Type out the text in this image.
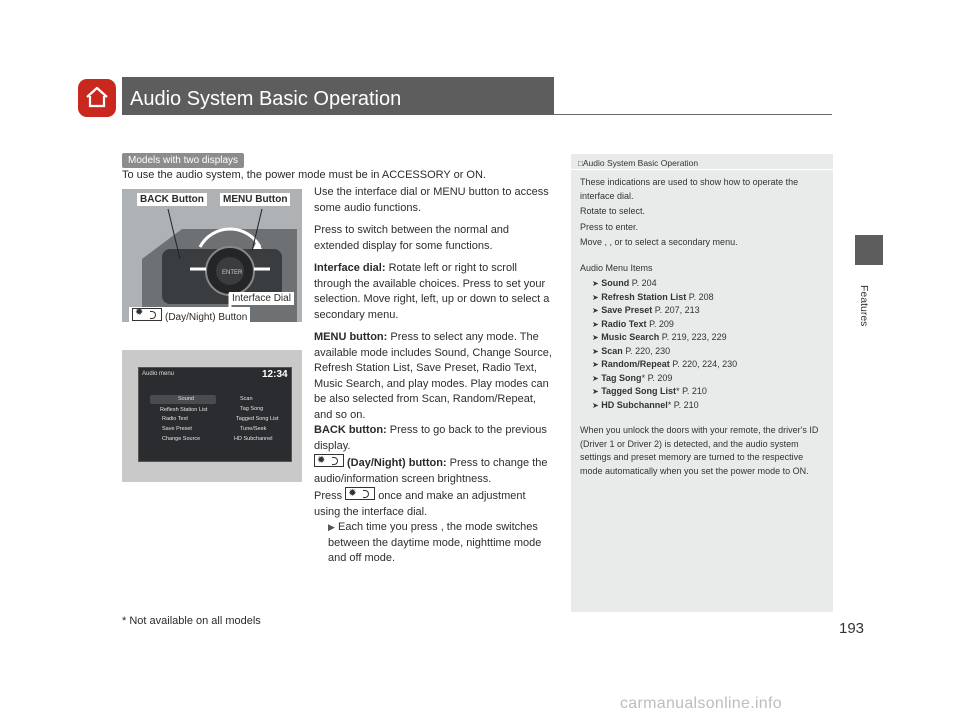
Audio System Basic Operation
Features
Models with two displays
To use the audio system, the power mode must be in ACCESSORY or ON.
ENTER
BACK Button	MENU Button
Interface Dial
✹(Day/Night) Button
Audio menu	12:34
Sound
Reflesh Station List
Radio Text
Save Preset
Change Source
Scan
Tag Song
Tagged Song List
Tune/Seek
HD Subchannel

Use the interface dial or MENU button to access some audio functions.

Press to switch between the normal and extended display for some functions.

Interface dial: Rotate left or right to scroll through the available choices. Press to set your selection. Move right, left, up or down to select a secondary menu.

MENU button: Press to select any mode. The available mode includes Sound, Change Source, Refresh Station List, Save Preset, Radio Text, Music Search, and play modes. Play modes can be also selected from Scan, Random/Repeat, and so on.

BACK button: Press to go back to the previous display.

✹(Day/Night) button: Press to change the audio/information screen brightness.

Press ✹	once and make an adjustment using the interface dial.

▶ Each time you press , the mode switches between the daytime mode, nighttime mode and off mode.

□Audio System Basic Operation

These indications are used to show how to operate the interface dial.

Rotate to select.

Press to enter.

Move , , or to select a secondary menu.

Audio Menu Items

➤ Sound P. 204

➤ Refresh Station List P. 208

➤ Save Preset P. 207, 213

➤ Radio Text P. 209

➤ Music Search P. 219, 223, 229

➤ Scan P. 220, 230

➤ Random/Repeat P. 220, 224, 230

➤ Tag Song* P. 209

➤ Tagged Song List* P. 210

➤ HD Subchannel* P. 210

When you unlock the doors with your remote, the driver's ID (Driver 1 or Driver 2) is detected, and the audio system settings and preset memory are turned to the respective mode automatically when you set the power mode to ON.

* Not available on all models	193
carmanualsonline.info
